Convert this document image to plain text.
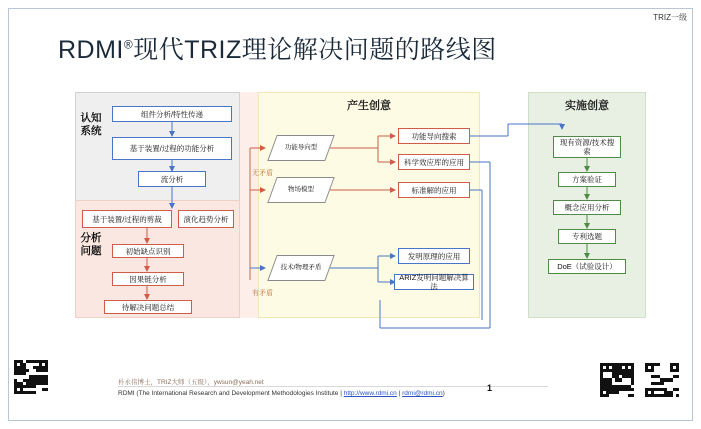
TRIZ一级
RDMI®现代TRIZ理论解决问题的路线图
产生创意	实施创意
认知系统
分析问题
组件分析/特性传递
基于装置/过程的功能分析
流分析
基于装置/过程的剪裁	演化趋势分析
初始缺点识别
因果链分析
待解决问题总结
无矛盾
有矛盾
功能导向型
物场模型
技术/物理矛盾
功能导向搜索
科学效应库的应用
标准解的应用
发明原理的应用
ARIZ发明问题解决算法
现有资源/技术搜索
方案验证
概念应用分析
专利选题
DoE（试验设计）
朴永伟博士，TRIZ大师（五级），ywsun@yeah.net
RDMI (The International Research and Development Methodologies Institute | http://www.rdmi.cn | rdmi@rdmi.cn)
1
